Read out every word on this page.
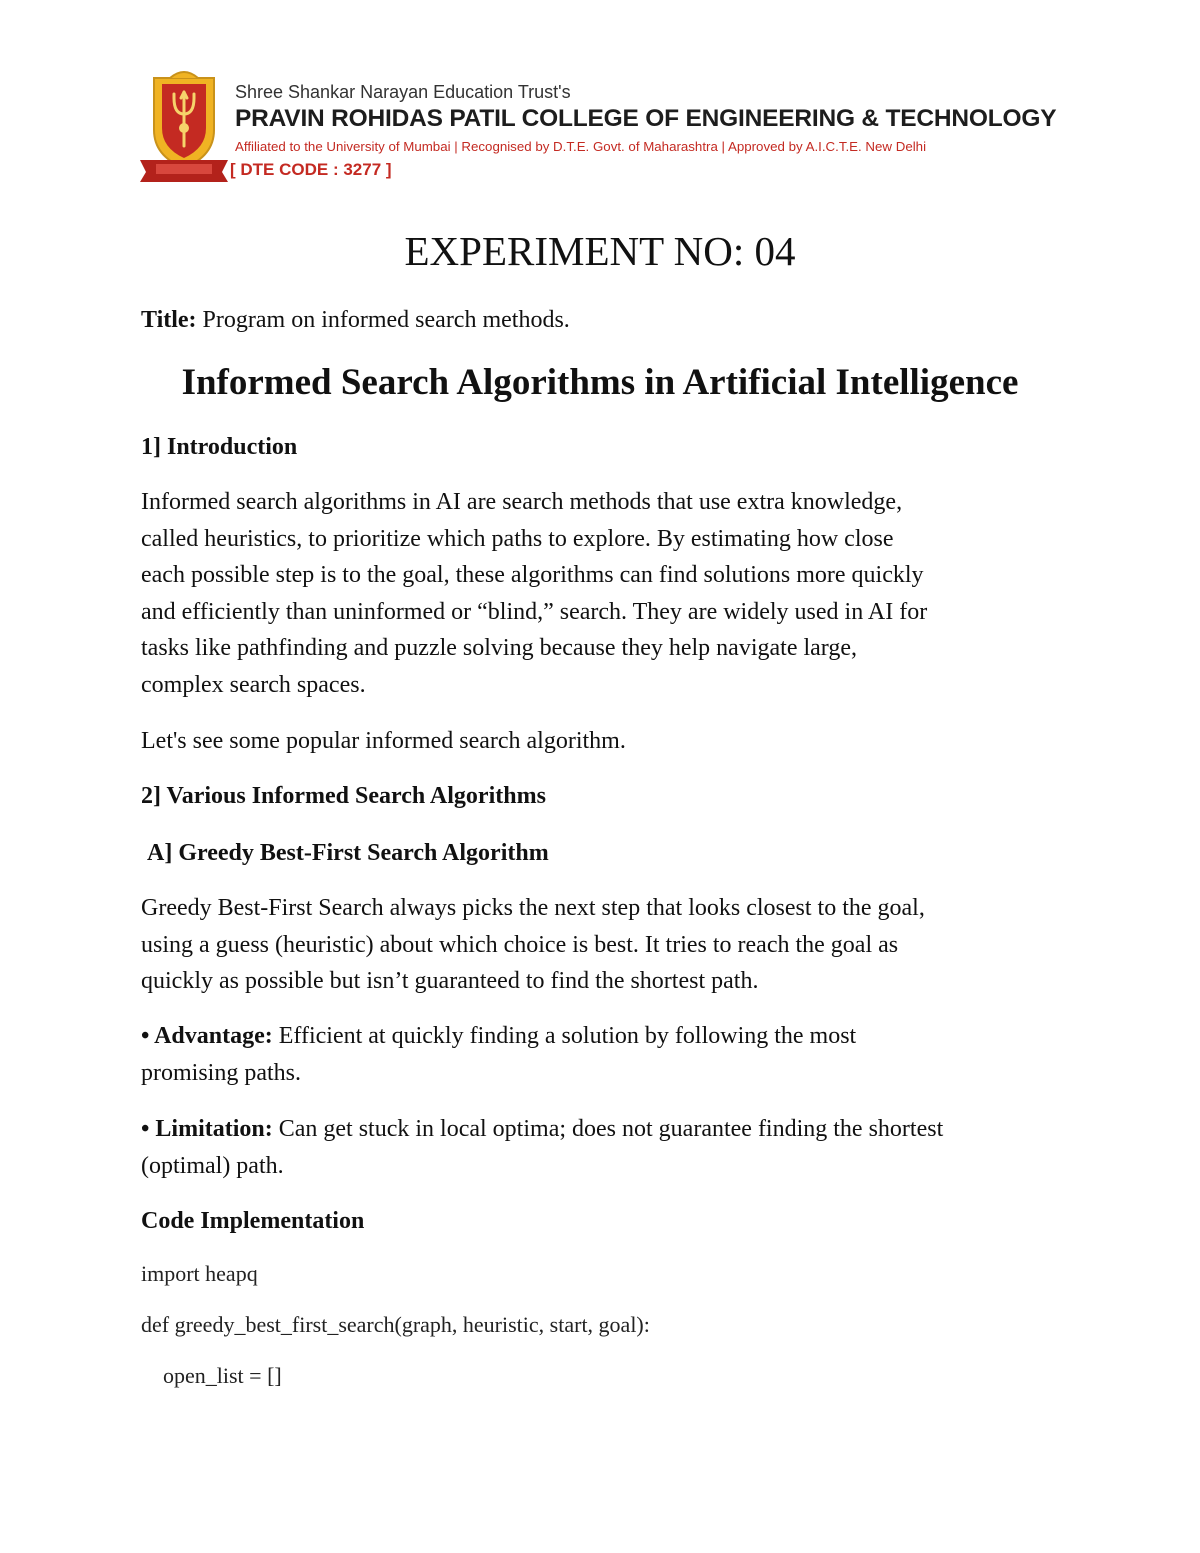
Shree Shankar Narayan Education Trust's
PRAVIN ROHIDAS PATIL COLLEGE OF ENGINEERING & TECHNOLOGY
Affiliated to the University of Mumbai | Recognised by D.T.E. Govt. of Maharashtra | Approved by A.I.C.T.E. New Delhi
[ DTE CODE : 3277 ]
EXPERIMENT NO: 04
Title: Program on informed search methods.
Informed Search Algorithms in Artificial Intelligence
1] Introduction
Informed search algorithms in AI are search methods that use extra knowledge,
called heuristics, to prioritize which paths to explore. By estimating how close
each possible step is to the goal, these algorithms can find solutions more quickly
and efficiently than uninformed or “blind,” search. They are widely used in AI for
tasks like pathfinding and puzzle solving because they help navigate large,
complex search spaces.
Let's see some popular informed search algorithm.
2] Various Informed Search Algorithms
A] Greedy Best-First Search Algorithm
Greedy Best-First Search always picks the next step that looks closest to the goal,
using a guess (heuristic) about which choice is best. It tries to reach the goal as
quickly as possible but isn’t guaranteed to find the shortest path.
• Advantage: Efficient at quickly finding a solution by following the most
promising paths.
• Limitation: Can get stuck in local optima; does not guarantee finding the shortest
(optimal) path.
Code Implementation
import heapq
def greedy_best_first_search(graph, heuristic, start, goal):
open_list = []
